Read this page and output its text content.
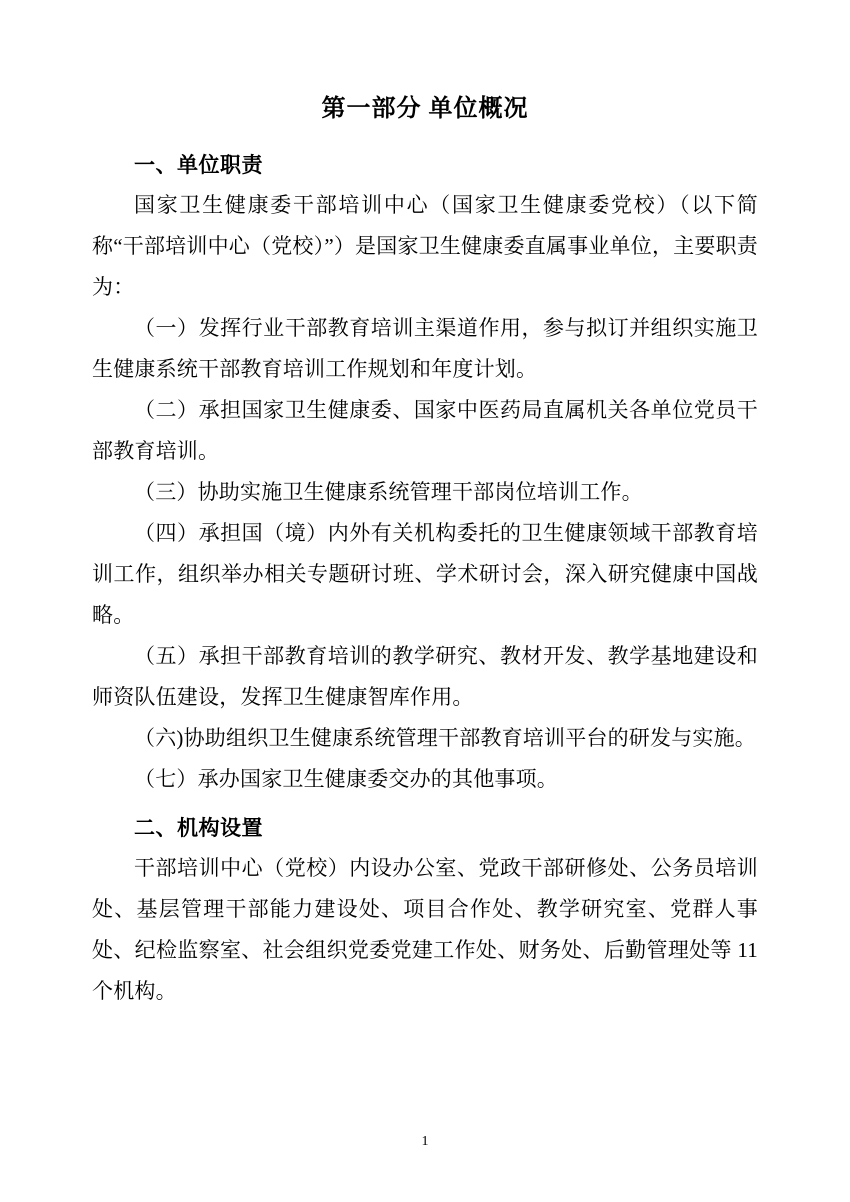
第一部分 单位概况
一、单位职责

国家卫生健康委干部培训中心（国家卫生健康委党校）（以下简称“干部培训中心（党校）”）是国家卫生健康委直属事业单位，主要职责为：

（一）发挥行业干部教育培训主渠道作用，参与拟订并组织实施卫生健康系统干部教育培训工作规划和年度计划。

（二）承担国家卫生健康委、国家中医药局直属机关各单位党员干部教育培训。

（三）协助实施卫生健康系统管理干部岗位培训工作。

（四）承担国（境）内外有关机构委托的卫生健康领域干部教育培训工作，组织举办相关专题研讨班、学术研讨会，深入研究健康中国战略。

（五）承担干部教育培训的教学研究、教材开发、教学基地建设和师资队伍建设，发挥卫生健康智库作用。

（六)协助组织卫生健康系统管理干部教育培训平台的研发与实施。

（七）承办国家卫生健康委交办的其他事项。

二、机构设置

干部培训中心（党校）内设办公室、党政干部研修处、公务员培训处、基层管理干部能力建设处、项目合作处、教学研究室、党群人事处、纪检监察室、社会组织党委党建工作处、财务处、后勤管理处等 11 个机构。

1
